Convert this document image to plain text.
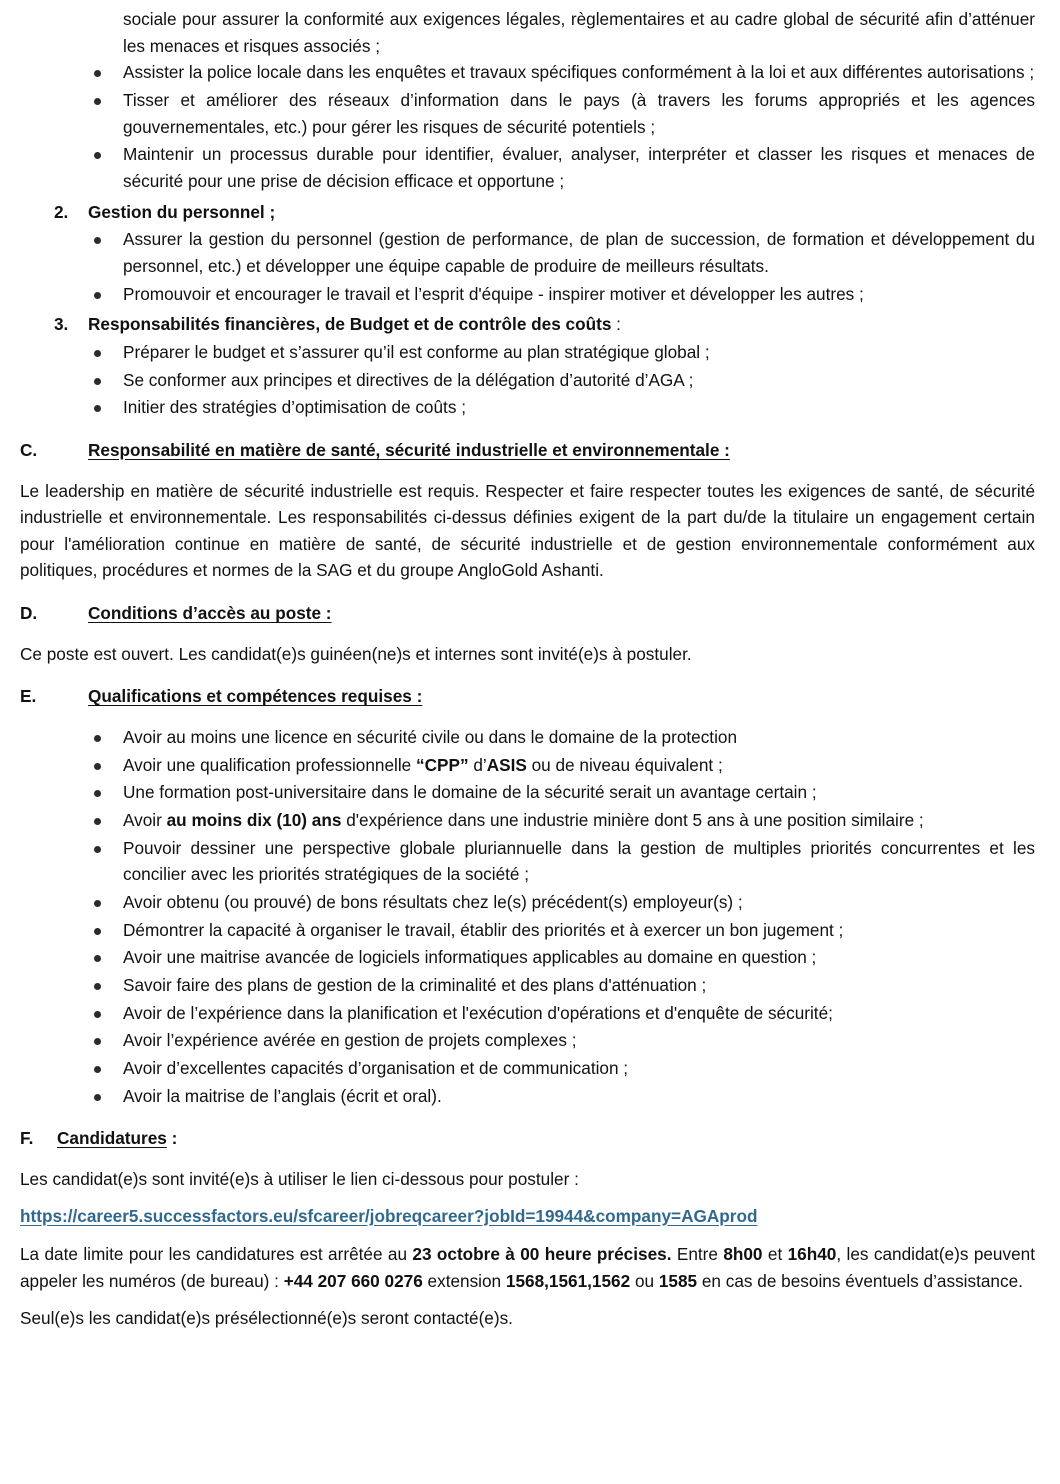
sociale pour assurer la conformité aux exigences légales, règlementaires et au cadre global de sécurité afin d’atténuer les menaces et risques associés ;

Assister la police locale dans les enquêtes et travaux spécifiques conformément à la loi et aux différentes autorisations ;
Tisser et améliorer des réseaux d’information dans le pays (à travers les forums appropriés et les agences gouvernementales, etc.) pour gérer les risques de sécurité potentiels ;
Maintenir un processus durable pour identifier, évaluer, analyser, interpréter et classer les risques et menaces de sécurité pour une prise de décision efficace et opportune ;
2. Gestion du personnel ;
Assurer la gestion du personnel (gestion de performance, de plan de succession, de formation et développement du personnel, etc.) et développer une équipe capable de produire de meilleurs résultats.
Promouvoir et encourager le travail et l’esprit d'équipe - inspirer motiver et développer les autres ;
3. Responsabilités financières, de Budget et de contrôle des coûts :
Préparer le budget et s’assurer qu’il est conforme au plan stratégique global ;
Se conformer aux principes et directives de la délégation d’autorité d’AGA ;
Initier des stratégies d’optimisation de coûts ;
C.	Responsabilité en matière de santé, sécurité industrielle et environnementale :

Le leadership en matière de sécurité industrielle est requis. Respecter et faire respecter toutes les exigences de santé, de sécurité industrielle et environnementale. Les responsabilités ci-dessus définies exigent de la part du/de la titulaire un engagement certain pour l'amélioration continue en matière de santé, de sécurité industrielle et de gestion environnementale conformément aux politiques, procédures et normes de la SAG et du groupe AngloGold Ashanti.

D.	Conditions d’accès au poste :

Ce poste est ouvert. Les candidat(e)s guinéen(ne)s et internes sont invité(e)s à postuler.

E.	Qualifications et compétences requises :
Avoir au moins une licence en sécurité civile ou dans le domaine de la protection
Avoir une qualification professionnelle “CPP” d’ASIS ou de niveau équivalent ;
Une formation post-universitaire dans le domaine de la sécurité serait un avantage certain ;
Avoir au moins dix (10) ans d'expérience dans une industrie minière dont 5 ans à une position similaire ;
Pouvoir dessiner une perspective globale pluriannuelle dans la gestion de multiples priorités concurrentes et les concilier avec les priorités stratégiques de la société ;
Avoir obtenu (ou prouvé) de bons résultats chez le(s) précédent(s) employeur(s) ;
Démontrer la capacité à organiser le travail, établir des priorités et à exercer un bon jugement ;
Avoir une maitrise avancée de logiciels informatiques applicables au domaine en question ;
Savoir faire des plans de gestion de la criminalité et des plans d'atténuation ;
Avoir de l’expérience dans la planification et l'exécution d'opérations et d'enquête de sécurité;
Avoir l’expérience avérée en gestion de projets complexes ;
Avoir d’excellentes capacités d’organisation et de communication ;
Avoir la maitrise de l’anglais (écrit et oral).
F. Candidatures :

Les candidat(e)s sont invité(e)s à utiliser le lien ci-dessous pour postuler :

https://career5.successfactors.eu/sfcareer/jobreqcareer?jobId=19944&company=AGAprod

La date limite pour les candidatures est arrêtée au 23 octobre à 00 heure précises. Entre 8h00 et 16h40, les candidat(e)s peuvent appeler les numéros (de bureau) : +44 207 660 0276 extension 1568,1561,1562 ou 1585 en cas de besoins éventuels d’assistance.

Seul(e)s les candidat(e)s présélectionné(e)s seront contacté(e)s.
